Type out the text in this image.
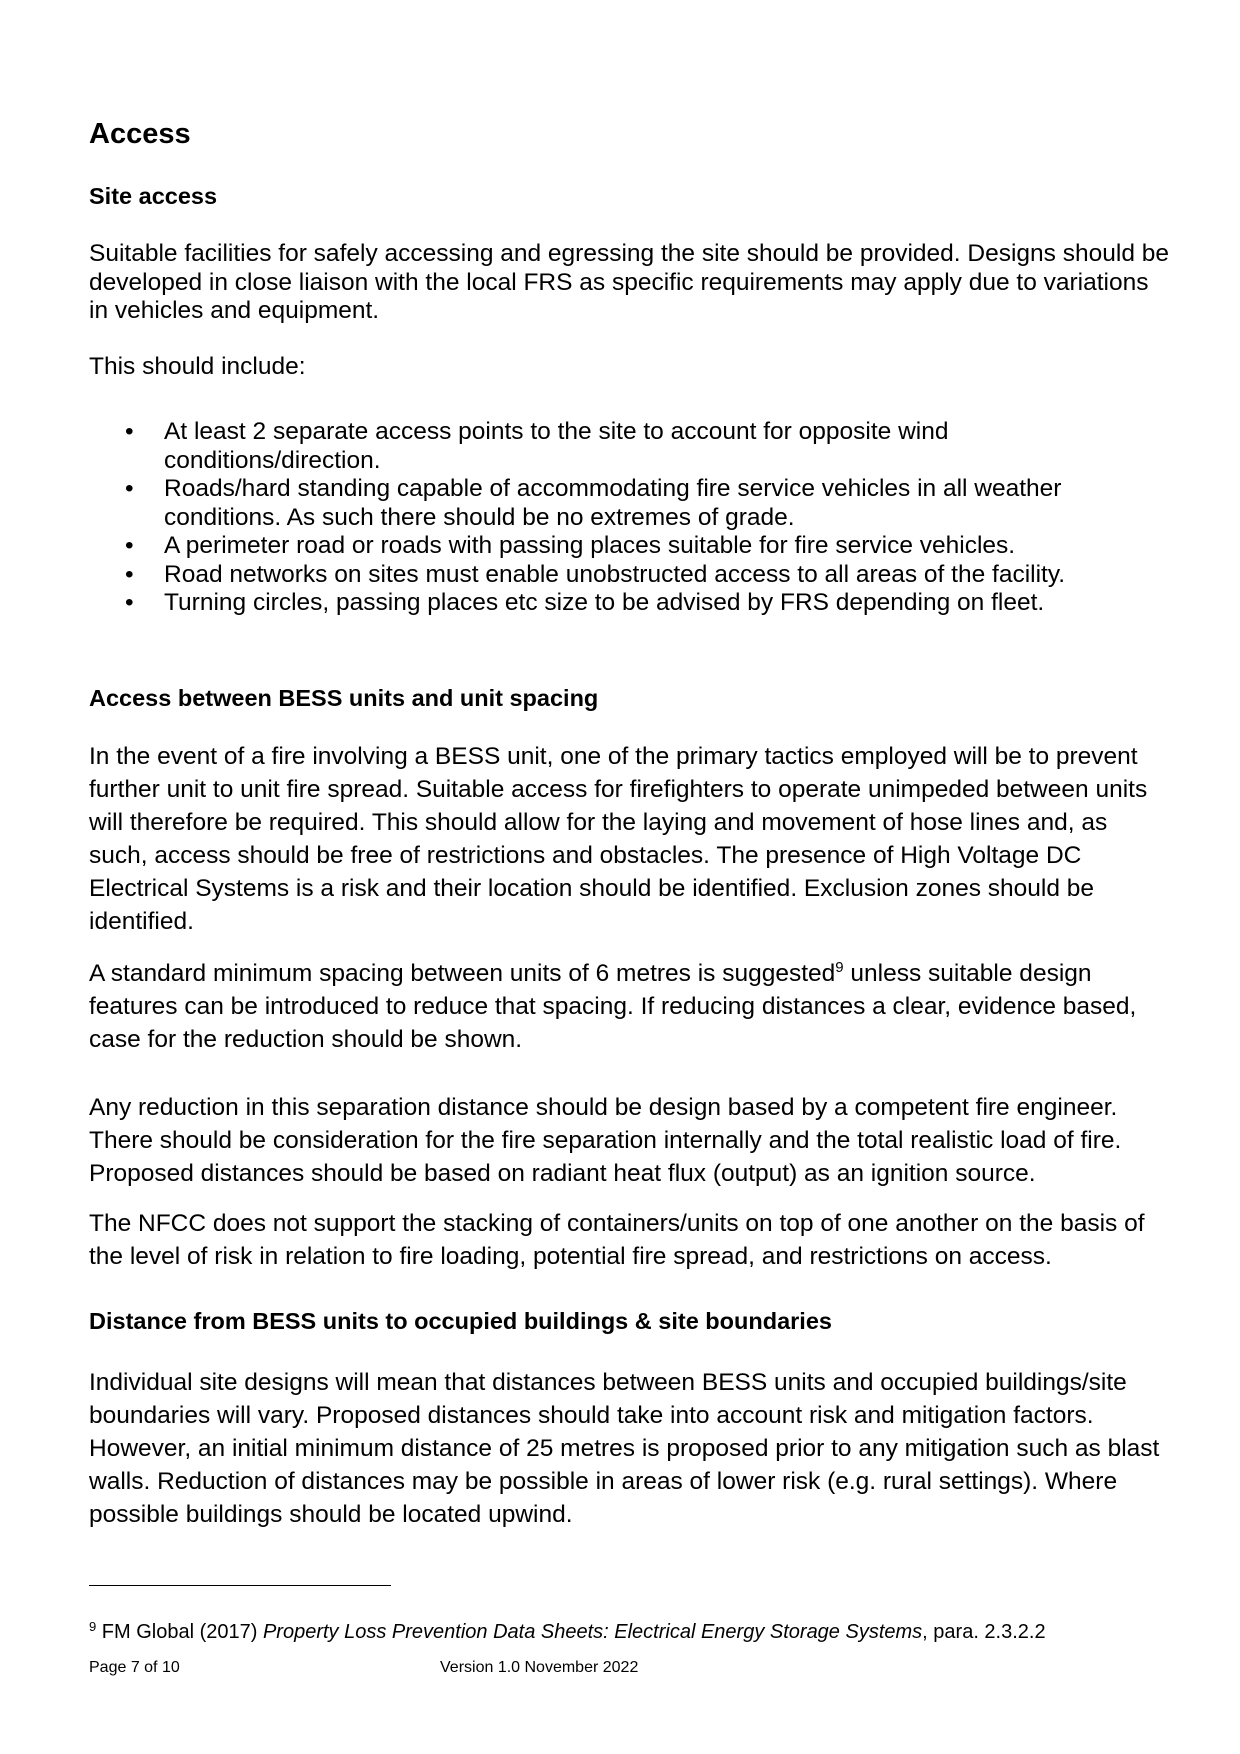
Access
Site access

Suitable facilities for safely accessing and egressing the site should be provided. Designs should be developed in close liaison with the local FRS as specific requirements may apply due to variations in vehicles and equipment.

This should include:

• At least 2 separate access points to the site to account for opposite wind conditions/direction.
• Roads/hard standing capable of accommodating fire service vehicles in all weather conditions. As such there should be no extremes of grade.
• A perimeter road or roads with passing places suitable for fire service vehicles.
• Road networks on sites must enable unobstructed access to all areas of the facility.
• Turning circles, passing places etc size to be advised by FRS depending on fleet.
Access between BESS units and unit spacing

In the event of a fire involving a BESS unit, one of the primary tactics employed will be to prevent further unit to unit fire spread. Suitable access for firefighters to operate unimpeded between units will therefore be required. This should allow for the laying and movement of hose lines and, as such, access should be free of restrictions and obstacles. The presence of High Voltage DC Electrical Systems is a risk and their location should be identified. Exclusion zones should be identified.

A standard minimum spacing between units of 6 metres is suggested$^9$ unless suitable design features can be introduced to reduce that spacing. If reducing distances a clear, evidence based, case for the reduction should be shown.

Any reduction in this separation distance should be design based by a competent fire engineer. There should be consideration for the fire separation internally and the total realistic load of fire. Proposed distances should be based on radiant heat flux (output) as an ignition source.

The NFCC does not support the stacking of containers/units on top of one another on the basis of the level of risk in relation to fire loading, potential fire spread, and restrictions on access.

Distance from BESS units to occupied buildings & site boundaries

Individual site designs will mean that distances between BESS units and occupied buildings/site boundaries will vary. Proposed distances should take into account risk and mitigation factors. However, an initial minimum distance of 25 metres is proposed prior to any mitigation such as blast walls. Reduction of distances may be possible in areas of lower risk (e.g. rural settings). Where possible buildings should be located upwind.

$^9$ FM Global (2017) Property Loss Prevention Data Sheets: Electrical Energy Storage Systems, para. 2.3.2.2
Page 7 of 10	Version 1.0 November 2022
